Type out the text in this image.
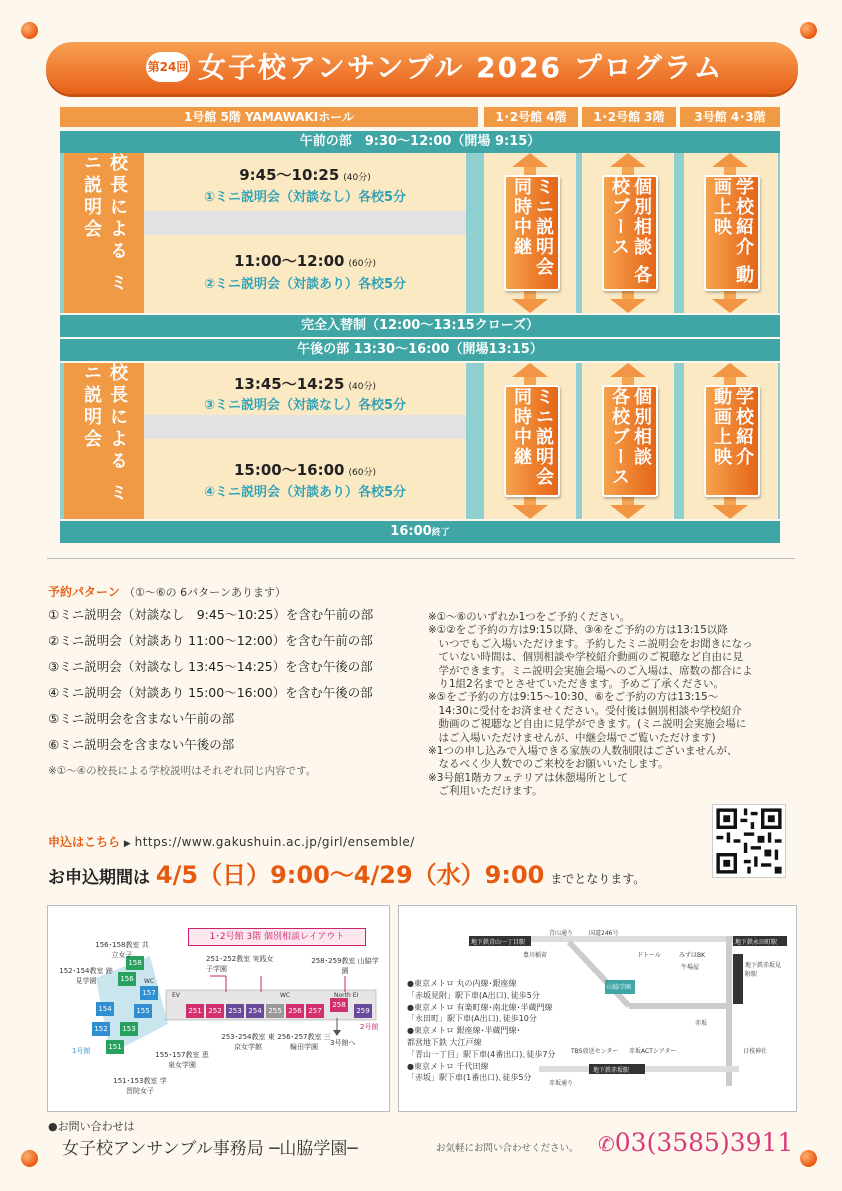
第24回 女子校アンサンブル 2026 プログラム
1号館 5階 YAMAWAKIホール	1･2号館 4階	1･2号館 3階	3号館 4･3階
午前の部　9:30〜12:00（開場 9:15）
校長による ミニ説明会	9:45〜10:25 (40分)
①ミニ説明会（対談なし）各校5分
11:00〜12:00 (60分)
②ミニ説明会（対談あり）各校5分
ミニ説明会 同時中継	個別相談 各校ブース	学校紹介 動画上映
完全入替制（12:00〜13:15クローズ）
午後の部 13:30〜16:00（開場13:15）
校長による ミニ説明会	13:45〜14:25 (40分)
③ミニ説明会（対談なし）各校5分
15:00〜16:00 (60分)
④ミニ説明会（対談あり）各校5分
ミニ説明会 同時中継	個別相談 各校ブース	学校紹介 動画上映
16:00終了
予約パターン （①〜⑥の 6パターンあります）
①ミニ説明会（対談なし　9:45〜10:25）を含む午前の部
②ミニ説明会（対談あり 11:00〜12:00）を含む午前の部
③ミニ説明会（対談なし 13:45〜14:25）を含む午後の部
④ミニ説明会（対談あり 15:00〜16:00）を含む午後の部
⑤ミニ説明会を含まない午前の部
⑥ミニ説明会を含まない午後の部
※①〜④の校長による学校説明はそれぞれ同じ内容です。
※①〜⑥のいずれか1つをご予約ください。
※①②をご予約の方は9:15以降、③④をご予約の方は13:15以降
　いつでもご入場いただけます。予約したミニ説明会をお聞きになっ
　ていない時間は、個別相談や学校紹介動画のご視聴など自由に見
　学ができます。ミニ説明会実施会場へのご入場は、席数の都合によ
　り1組2名までとさせていただきます。予めご了承ください。
※⑤をご予約の方は9:15〜10:30、⑥をご予約の方は13:15〜
　14:30に受付をお済ませください。受付後は個別相談や学校紹介
　動画のご視聴など自由に見学ができます。(ミニ説明会実施会場に
　はご入場いただけませんが、中継会場でご覧いただけます)
※1つの申し込みで入場できる家族の人数制限はございませんが、
　なるべく少人数でのご来校をお願いいたします。
※3号館1階カフェテリアは休憩場所として
　ご利用いただけます。
申込はこちら ▶ https://www.gakushuin.ac.jp/girl/ensemble/
お申込期間は 4/5（日）9:00〜4/29（水）9:00 までとなります。
1･2号館 3階 個別相談レイアウト
158
156
157
154	155
152	153
151
251 252 253 254 255 256 257
258
259
WC
EV	WC	North EI
1号館
2号館
3号館へ
156･158教室 共立女子
152･154教室 跡見学園
251･252教室 実践女子学園
258･259教室 山脇学園
253･254教室 東京女学館
256･257教室 三輪田学園
155･157教室 恵泉女学園
151･153教室 学習院女子
●東京メトロ 丸の内線･銀座線
「赤坂見附」駅下車(A出口)､徒歩5分
●東京メトロ 有楽町線･南北線･半蔵門線
「永田町」駅下車(A出口)､徒歩10分
●東京メトロ 銀座線･半蔵門線･
都営地下鉄 大江戸線
「青山一丁目」駅下車(4番出口)､徒歩7分
●東京メトロ 千代田線
「赤坂」駅下車(1番出口)､徒歩5分
地下鉄青山一丁目駅
青山通り	国道246号
地下鉄永田町駅
地下鉄赤坂見附駅
地下鉄赤坂駅
山脇学園
赤坂通り
TBS放送センター 赤坂ACTシアター
豊川稲荷	ドトール	みずほBK
牛場屋
赤坂
日枝神社
●お問い合わせは
女子校アンサンブル事務局 ─山脇学園─	お気軽にお問い合わせください。 ✆03(3585)3911
